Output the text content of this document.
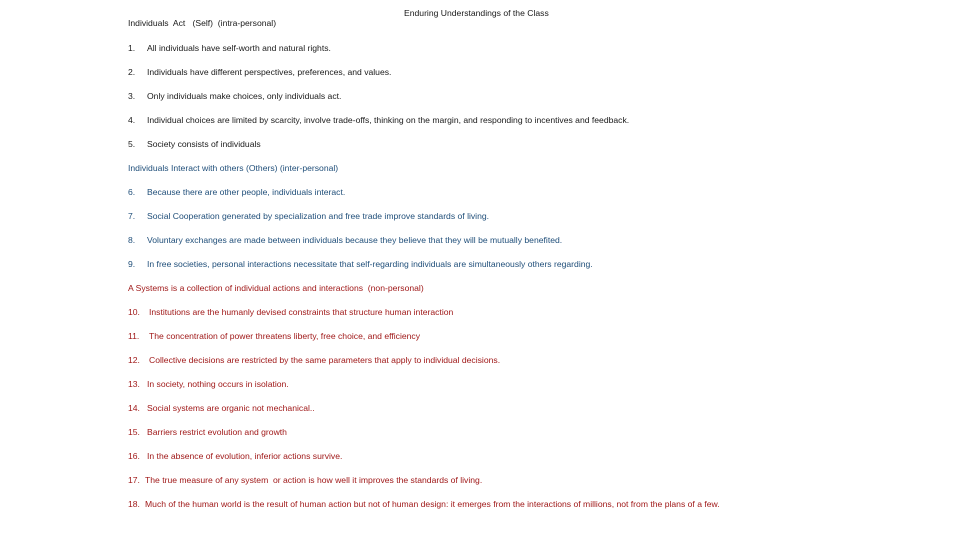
Enduring Understandings of the Class
Individuals  Act   (Self)  (intra-personal)
1. All individuals have self-worth and natural rights.
2. Individuals have different perspectives, preferences, and values.
3. Only individuals make choices, only individuals act.
4. Individual choices are limited by scarcity, involve trade-offs, thinking on the margin, and responding to incentives and feedback.
5. Society consists of individuals
Individuals Interact with others (Others) (inter-personal)
6. Because there are other people, individuals interact.
7. Social Cooperation generated by specialization and free trade improve standards of living.
8. Voluntary exchanges are made between individuals because they believe that they will be mutually benefited.
9. In free societies, personal interactions necessitate that self-regarding individuals are simultaneously others regarding.
A Systems is a collection of individual actions and interactions  (non-personal)
10. Institutions are the humanly devised constraints that structure human interaction
11. The concentration of power threatens liberty, free choice, and efficiency
12. Collective decisions are restricted by the same parameters that apply to individual decisions.
13. In society, nothing occurs in isolation.
14. Social systems are organic not mechanical..
15. Barriers restrict evolution and growth
16. In the absence of evolution, inferior actions survive.
17. The true measure of any system  or action is how well it improves the standards of living.
18. Much of the human world is the result of human action but not of human design: it emerges from the interactions of millions, not from the plans of a few.
